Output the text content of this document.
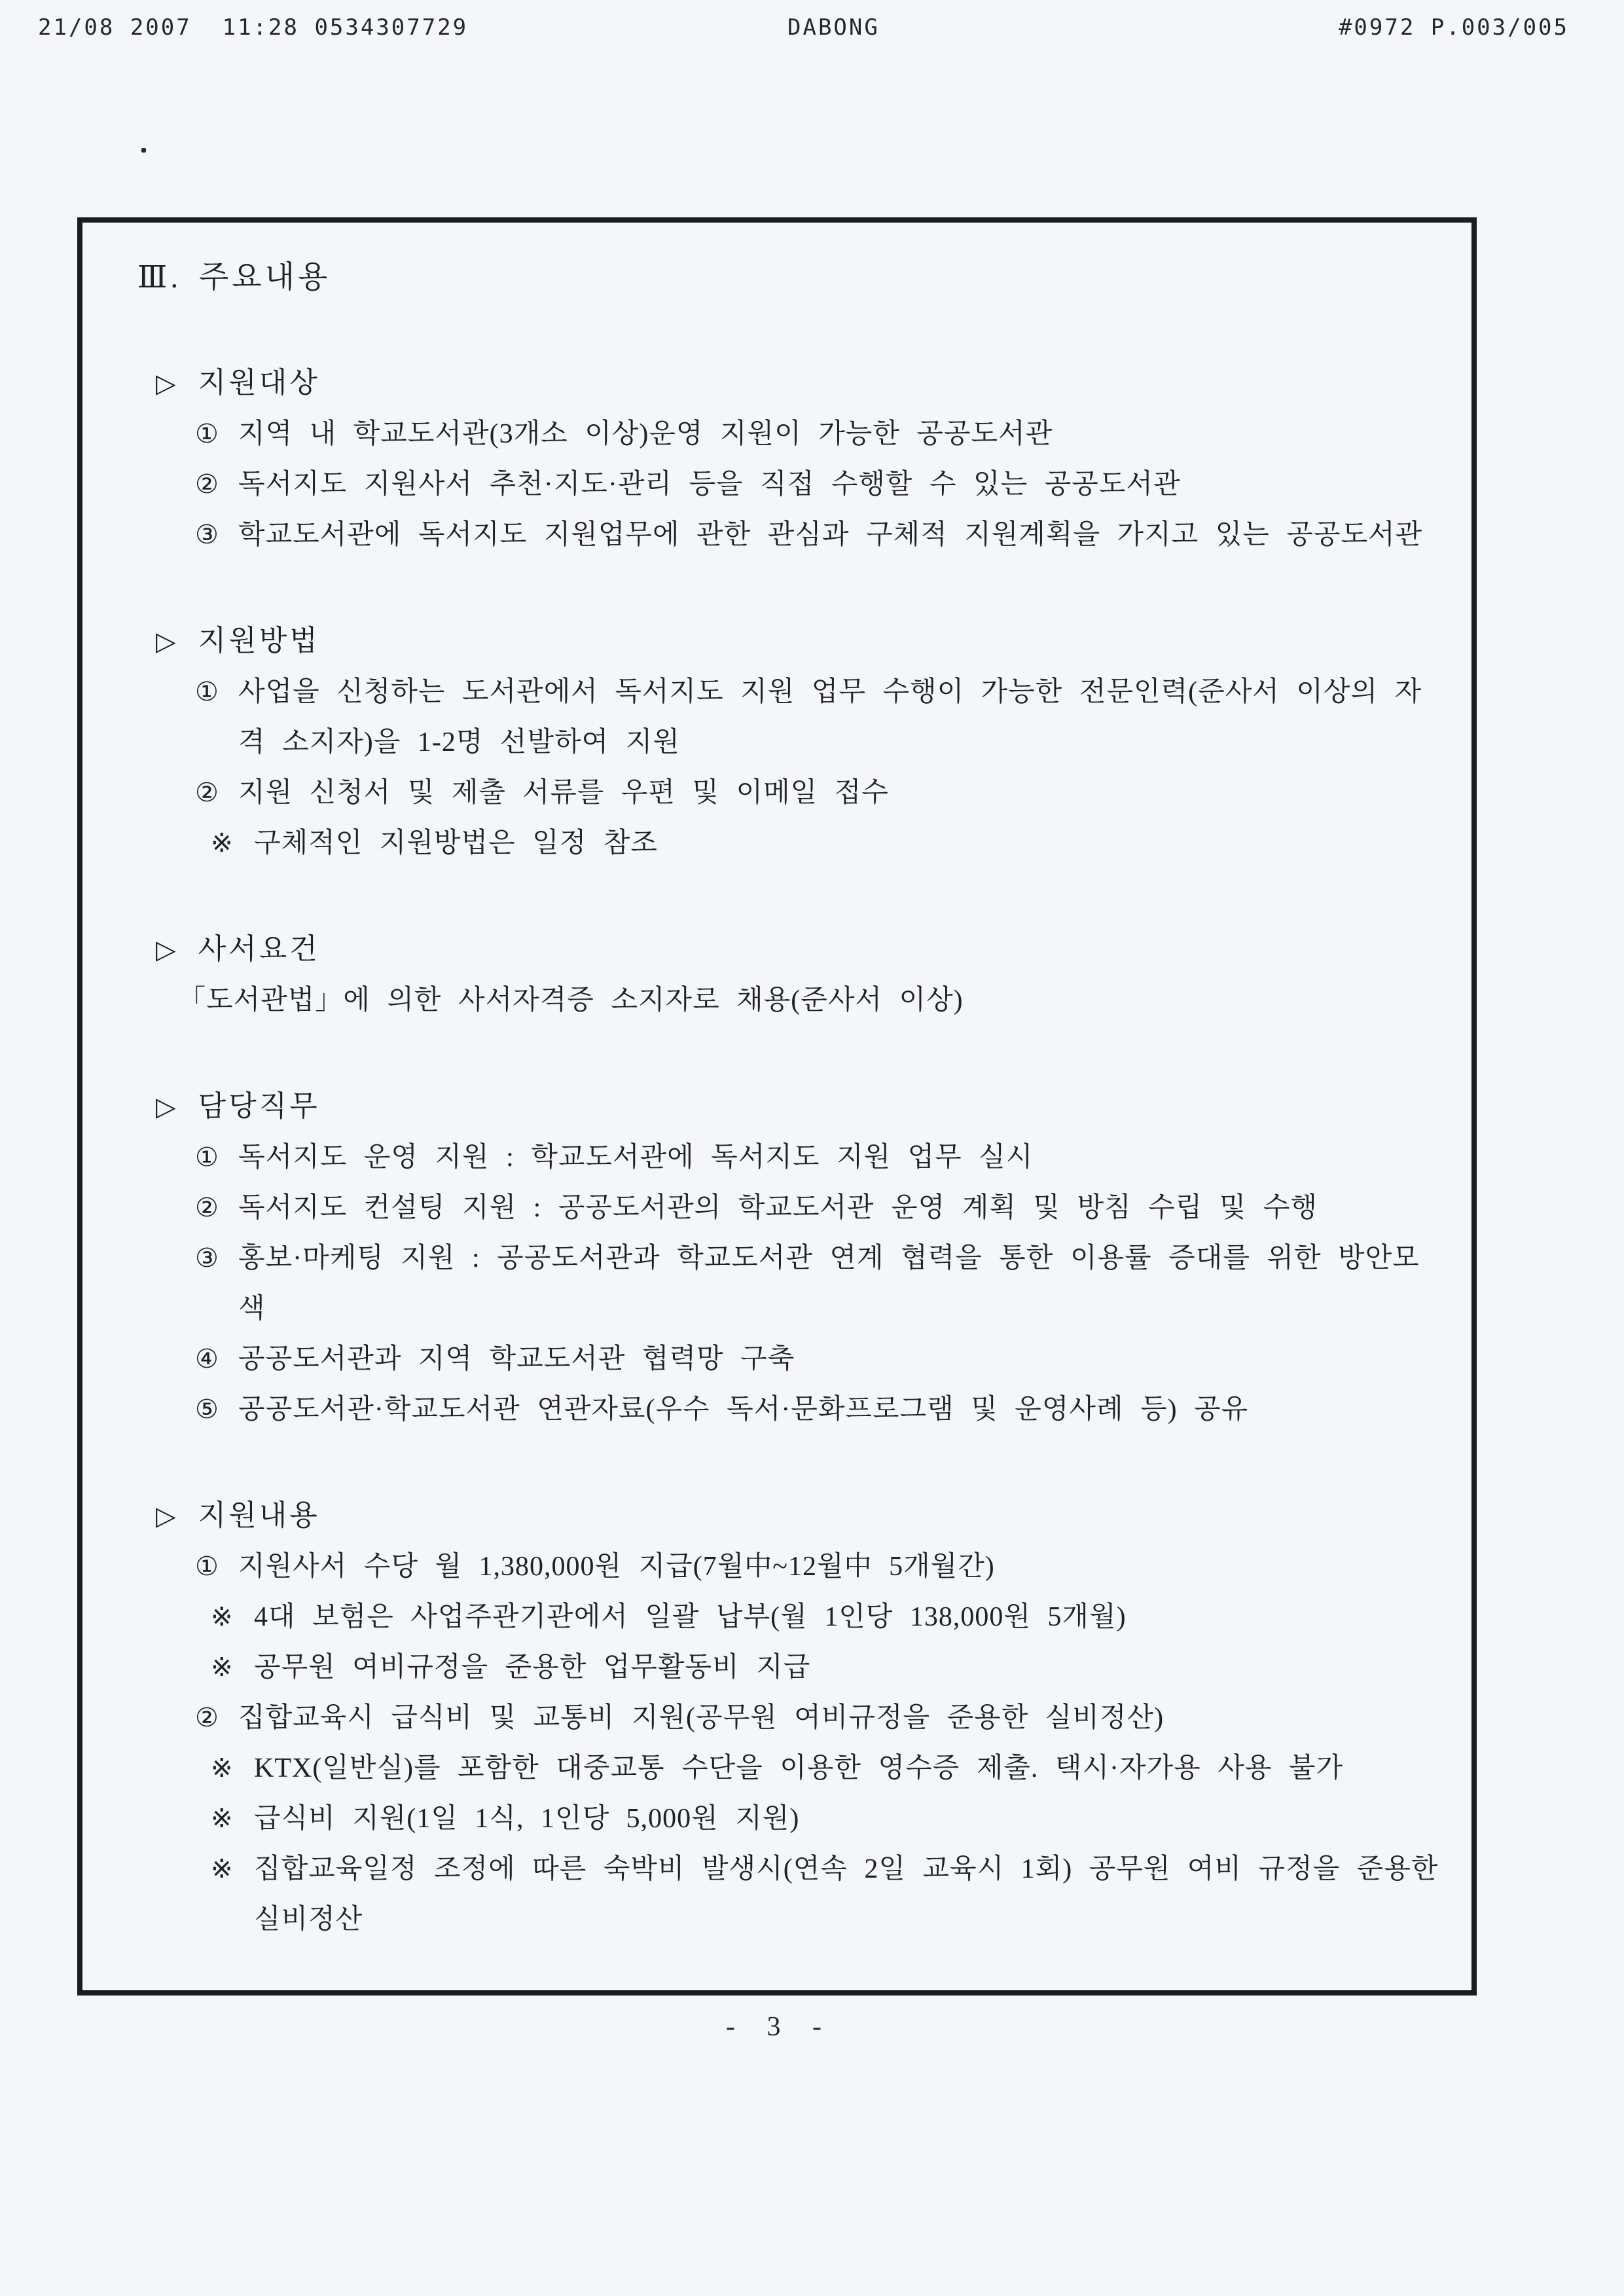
21/08 2007  11:28 0534307729	DABONG	#0972 P.003/005
Ⅲ. 주요내용
▷ 지원대상
① 지역 내 학교도서관(3개소 이상)운영 지원이 가능한 공공도서관
② 독서지도 지원사서 추천·지도·관리 등을 직접 수행할 수 있는 공공도서관
③ 학교도서관에 독서지도 지원업무에 관한 관심과 구체적 지원계획을 가지고 있는 공공도서관
▷ 지원방법
① 사업을 신청하는 도서관에서 독서지도 지원 업무 수행이 가능한 전문인력(준사서 이상의 자격 소지자)을 1-2명 선발하여 지원
② 지원 신청서 및 제출 서류를 우편 및 이메일 접수
※ 구체적인 지원방법은 일정 참조
▷ 사서요건
「도서관법」에 의한 사서자격증 소지자로 채용(준사서 이상)
▷ 담당직무
① 독서지도 운영 지원 : 학교도서관에 독서지도 지원 업무 실시
② 독서지도 컨설팅 지원 : 공공도서관의 학교도서관 운영 계획 및 방침 수립 및 수행
③ 홍보·마케팅 지원 : 공공도서관과 학교도서관 연계 협력을 통한 이용률 증대를 위한 방안모색
④ 공공도서관과 지역 학교도서관 협력망 구축
⑤ 공공도서관·학교도서관 연관자료(우수 독서·문화프로그램 및 운영사례 등) 공유
▷ 지원내용
① 지원사서 수당 월 1,380,000원 지급(7월中~12월中 5개월간)
※ 4대 보험은 사업주관기관에서 일괄 납부(월 1인당 138,000원 5개월)
※ 공무원 여비규정을 준용한 업무활동비 지급
② 집합교육시 급식비 및 교통비 지원(공무원 여비규정을 준용한 실비정산)
※ KTX(일반실)를 포함한 대중교통 수단을 이용한 영수증 제출. 택시·자가용 사용 불가
※ 급식비 지원(1일 1식, 1인당 5,000원 지원)
※ 집합교육일정 조정에 따른 숙박비 발생시(연속 2일 교육시 1회) 공무원 여비 규정을 준용한 실비정산
- 3 -
